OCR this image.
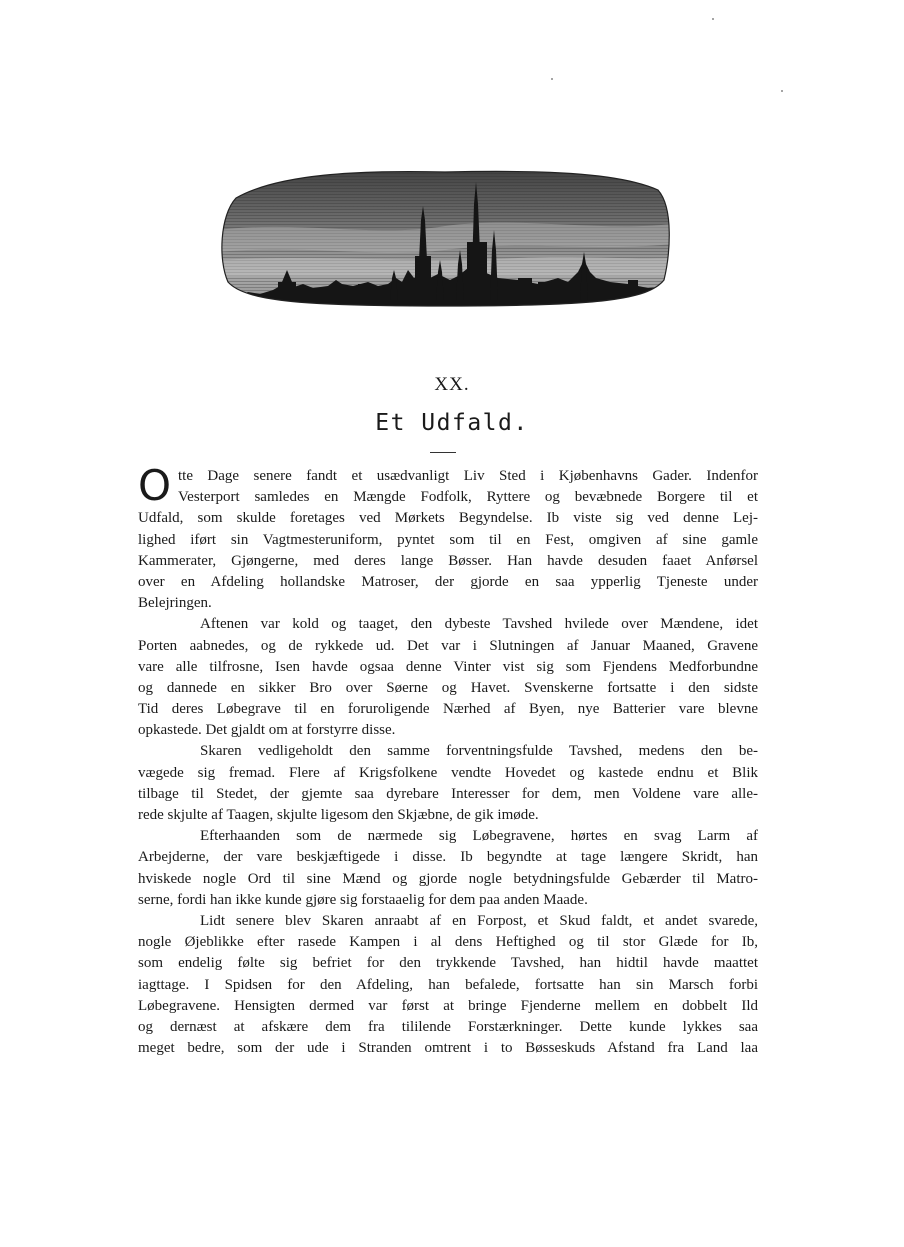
XX.
Et Udfald.
O tte Dage senere fandt et usædvanligt Liv Sted i Kjøbenhavns Gader. Indenfor
Vesterport samledes en Mængde Fodfolk, Ryttere og bevæbnede Borgere til et
Udfald, som skulde foretages ved Mørkets Begyndelse. Ib viste sig ved denne Lej-
lighed iført sin Vagtmesteruniform, pyntet som til en Fest, omgiven af sine gamle
Kammerater, Gjøngerne, med deres lange Bøsser. Han havde desuden faaet Anførsel
over en Afdeling hollandske Matroser, der gjorde en saa ypperlig Tjeneste under
Belejringen.
Aftenen var kold og taaget, den dybeste Tavshed hvilede over Mændene, idet
Porten aabnedes, og de rykkede ud. Det var i Slutningen af Januar Maaned, Gravene
vare alle tilfrosne, Isen havde ogsaa denne Vinter vist sig som Fjendens Medforbundne
og dannede en sikker Bro over Søerne og Havet. Svenskerne fortsatte i den sidste
Tid deres Løbegrave til en foruroligende Nærhed af Byen, nye Batterier vare blevne
opkastede. Det gjaldt om at forstyrre disse.
Skaren vedligeholdt den samme forventningsfulde Tavshed, medens den be-
vægede sig fremad. Flere af Krigsfolkene vendte Hovedet og kastede endnu et Blik
tilbage til Stedet, der gjemte saa dyrebare Interesser for dem, men Voldene vare alle-
rede skjulte af Taagen, skjulte ligesom den Skjæbne, de gik imøde.
Efterhaanden som de nærmede sig Løbegravene, hørtes en svag Larm af
Arbejderne, der vare beskjæftigede i disse. Ib begyndte at tage længere Skridt, han
hviskede nogle Ord til sine Mænd og gjorde nogle betydningsfulde Gebærder til Matro-
serne, fordi han ikke kunde gjøre sig forstaaelig for dem paa anden Maade.
Lidt senere blev Skaren anraabt af en Forpost, et Skud faldt, et andet svarede,
nogle Øjeblikke efter rasede Kampen i al dens Heftighed og til stor Glæde for Ib,
som endelig følte sig befriet for den trykkende Tavshed, han hidtil havde maattet
iagttage. I Spidsen for den Afdeling, han befalede, fortsatte han sin Marsch forbi
Løbegravene. Hensigten dermed var først at bringe Fjenderne mellem en dobbelt Ild
og dernæst at afskære dem fra tililende Forstærkninger. Dette kunde lykkes saa
meget bedre, som der ude i Stranden omtrent i to Bøsseskuds Afstand fra Land laa
